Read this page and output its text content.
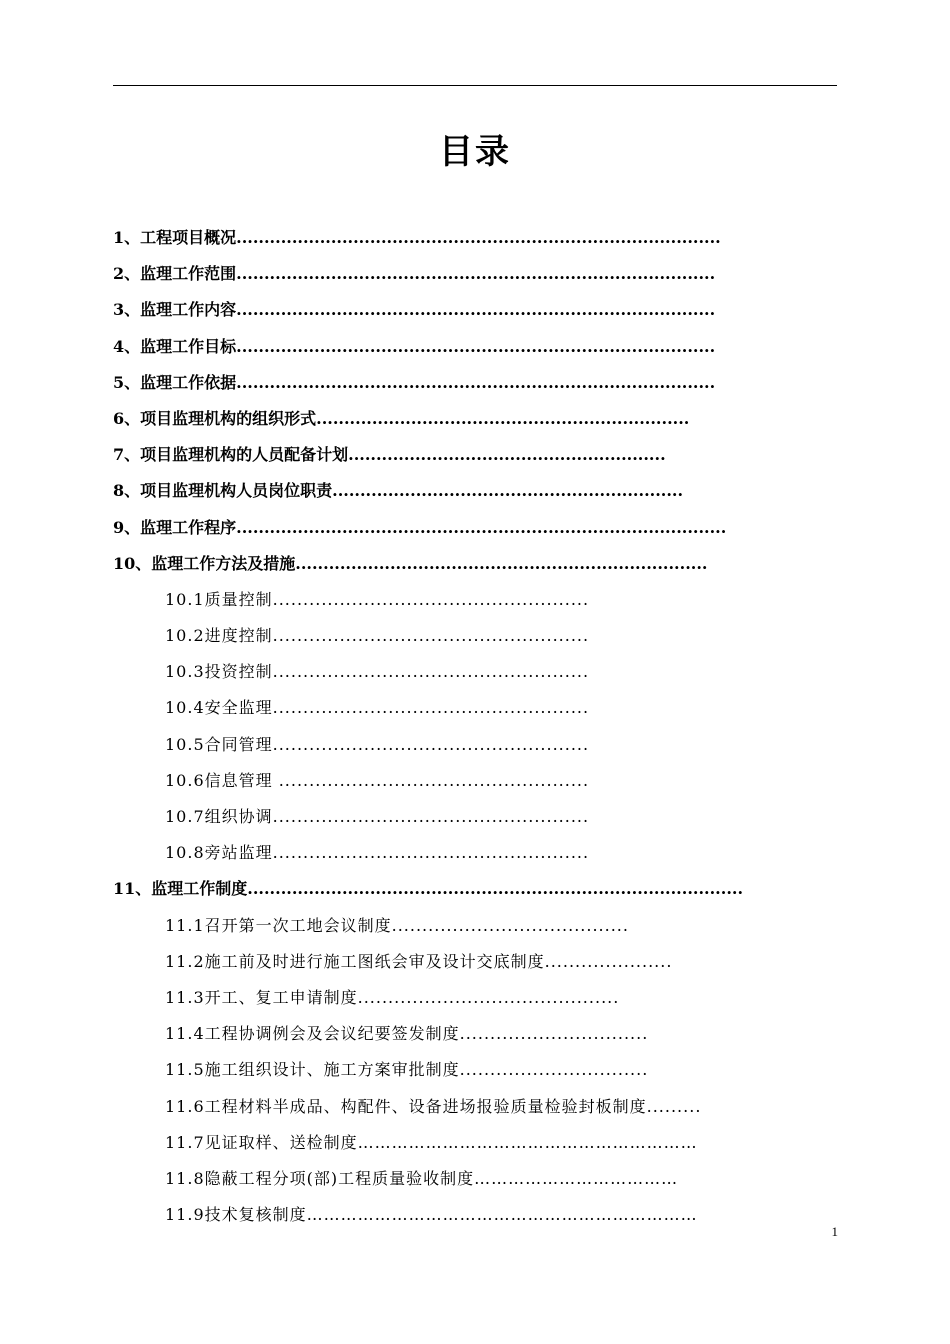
目录
1、工程项目概况.......................................................................................
2、监理工作范围......................................................................................
3、监理工作内容......................................................................................
4、监理工作目标......................................................................................
5、监理工作依据......................................................................................
6、项目监理机构的组织形式...................................................................
7、项目监理机构的人员配备计划.........................................................
8、项目监理机构人员岗位职责...............................................................
9、监理工作程序........................................................................................
10、监理工作方法及措施..........................................................................
10.1质量控制....................................................
10.2进度控制....................................................
10.3投资控制....................................................
10.4安全监理....................................................
10.5合同管理....................................................
10.6信息管理 ...................................................
10.7组织协调....................................................
10.8旁站监理....................................................
11、监理工作制度.........................................................................................
11.1召开第一次工地会议制度.......................................
11.2施工前及时进行施工图纸会审及设计交底制度.....................
11.3开工、复工申请制度...........................................
11.4工程协调例会及会议纪要签发制度...............................
11.5施工组织设计、施工方案审批制度...............................
11.6工程材料半成品、构配件、设备进场报验质量检验封板制度.........
11.7见证取样、送检制度……………………………………………………
11.8隐蔽工程分项(部)工程质量验收制度………………………………
11.9技术复核制度……………………………………………………………
1
